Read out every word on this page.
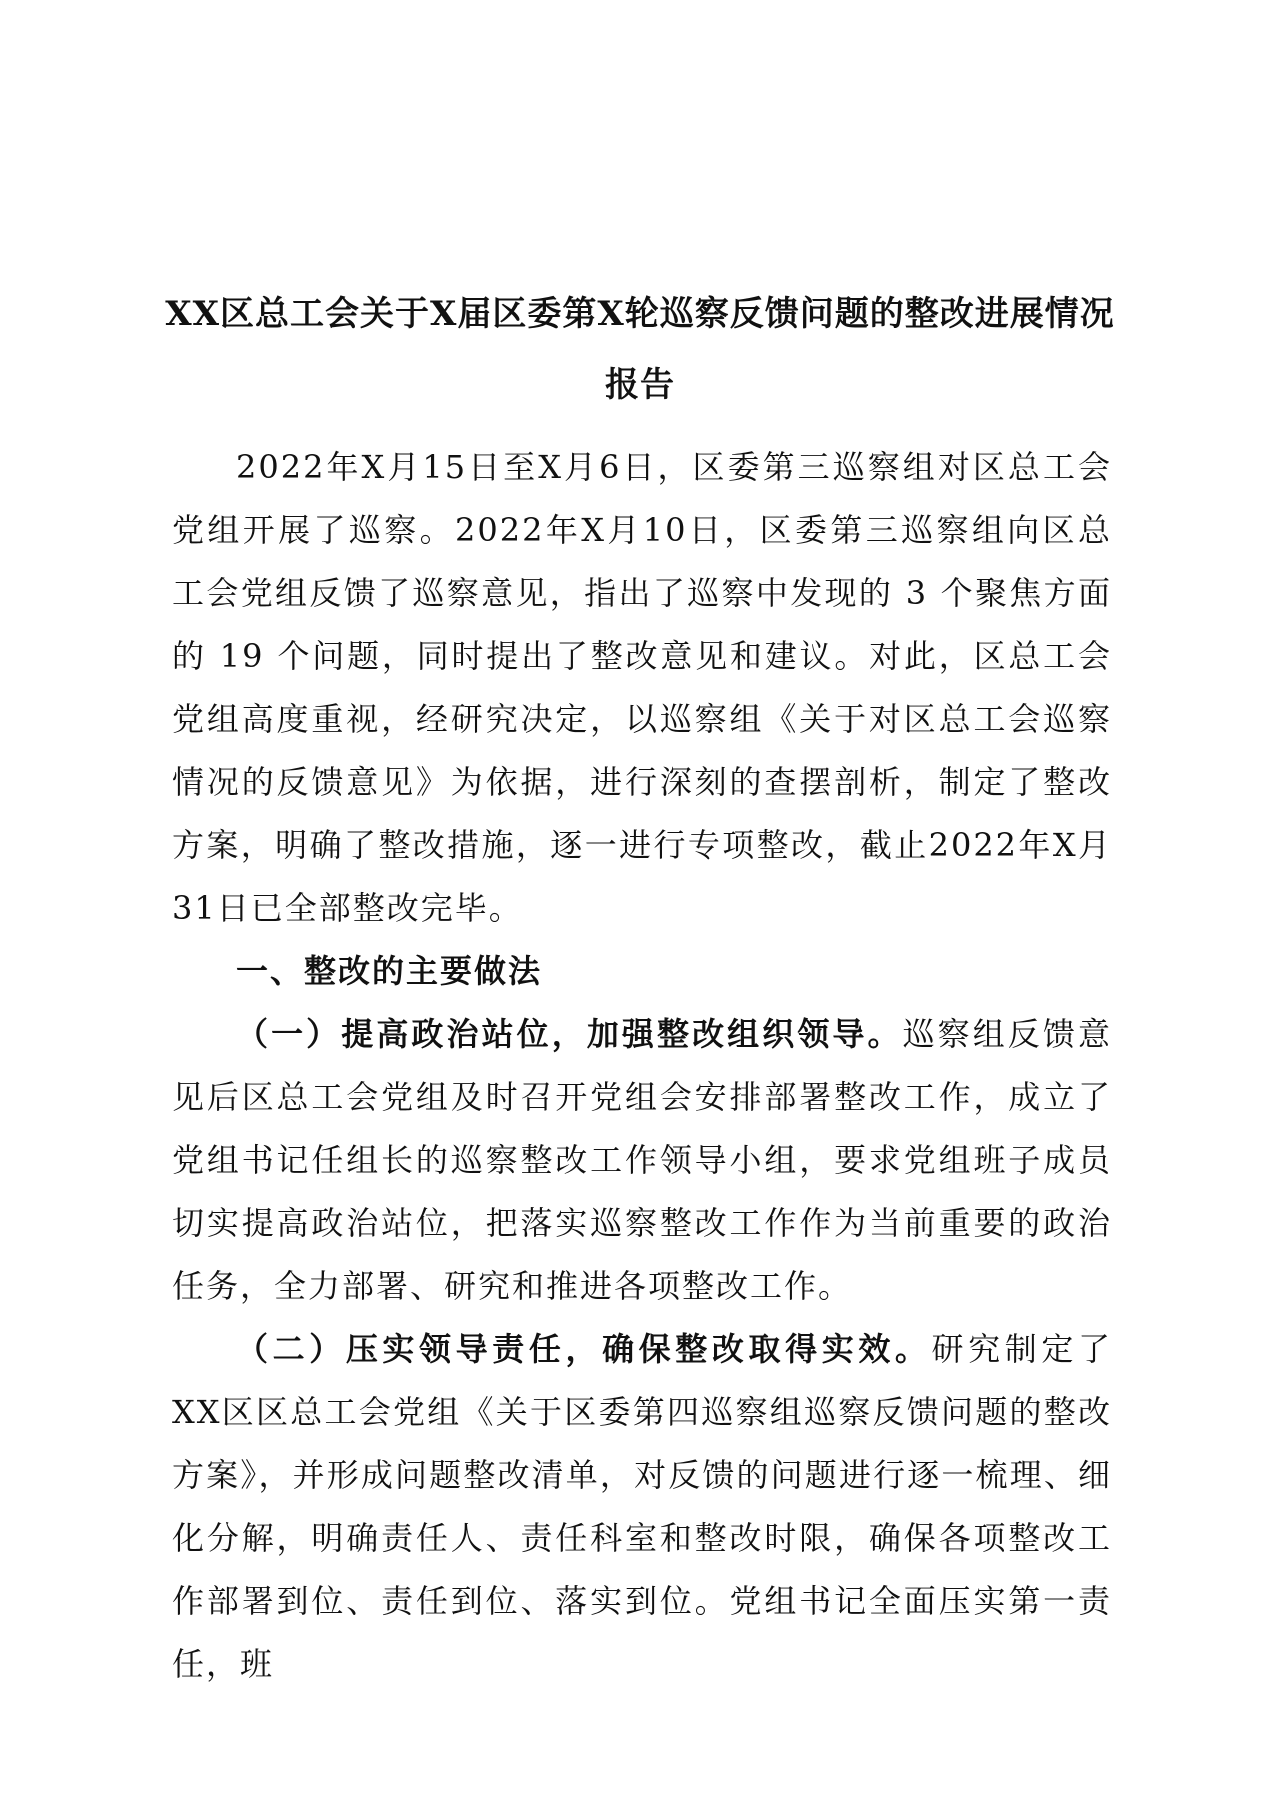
XX区总工会关于X届区委第X轮巡察反馈问题的整改进展情况
报告

2022年X月15日至X月6日，区委第三巡察组对区总工会党组开展了巡察。2022年X月10日，区委第三巡察组向区总工会党组反馈了巡察意见，指出了巡察中发现的 3 个聚焦方面的 19 个问题，同时提出了整改意见和建议。对此，区总工会党组高度重视，经研究决定，以巡察组《关于对区总工会巡察情况的反馈意见》为依据，进行深刻的查摆剖析，制定了整改方案，明确了整改措施，逐一进行专项整改，截止2022年X月31日已全部整改完毕。

一、整改的主要做法

（一）提高政治站位，加强整改组织领导。巡察组反馈意见后区总工会党组及时召开党组会安排部署整改工作，成立了党组书记任组长的巡察整改工作领导小组，要求党组班子成员切实提高政治站位，把落实巡察整改工作作为当前重要的政治任务，全力部署、研究和推进各项整改工作。

（二）压实领导责任，确保整改取得实效。研究制定了 XX区区总工会党组《关于区委第四巡察组巡察反馈问题的整改方案》，并形成问题整改清单，对反馈的问题进行逐一梳理、细化分解，明确责任人、责任科室和整改时限，确保各项整改工作部署到位、责任到位、落实到位。党组书记全面压实第一责任，班
